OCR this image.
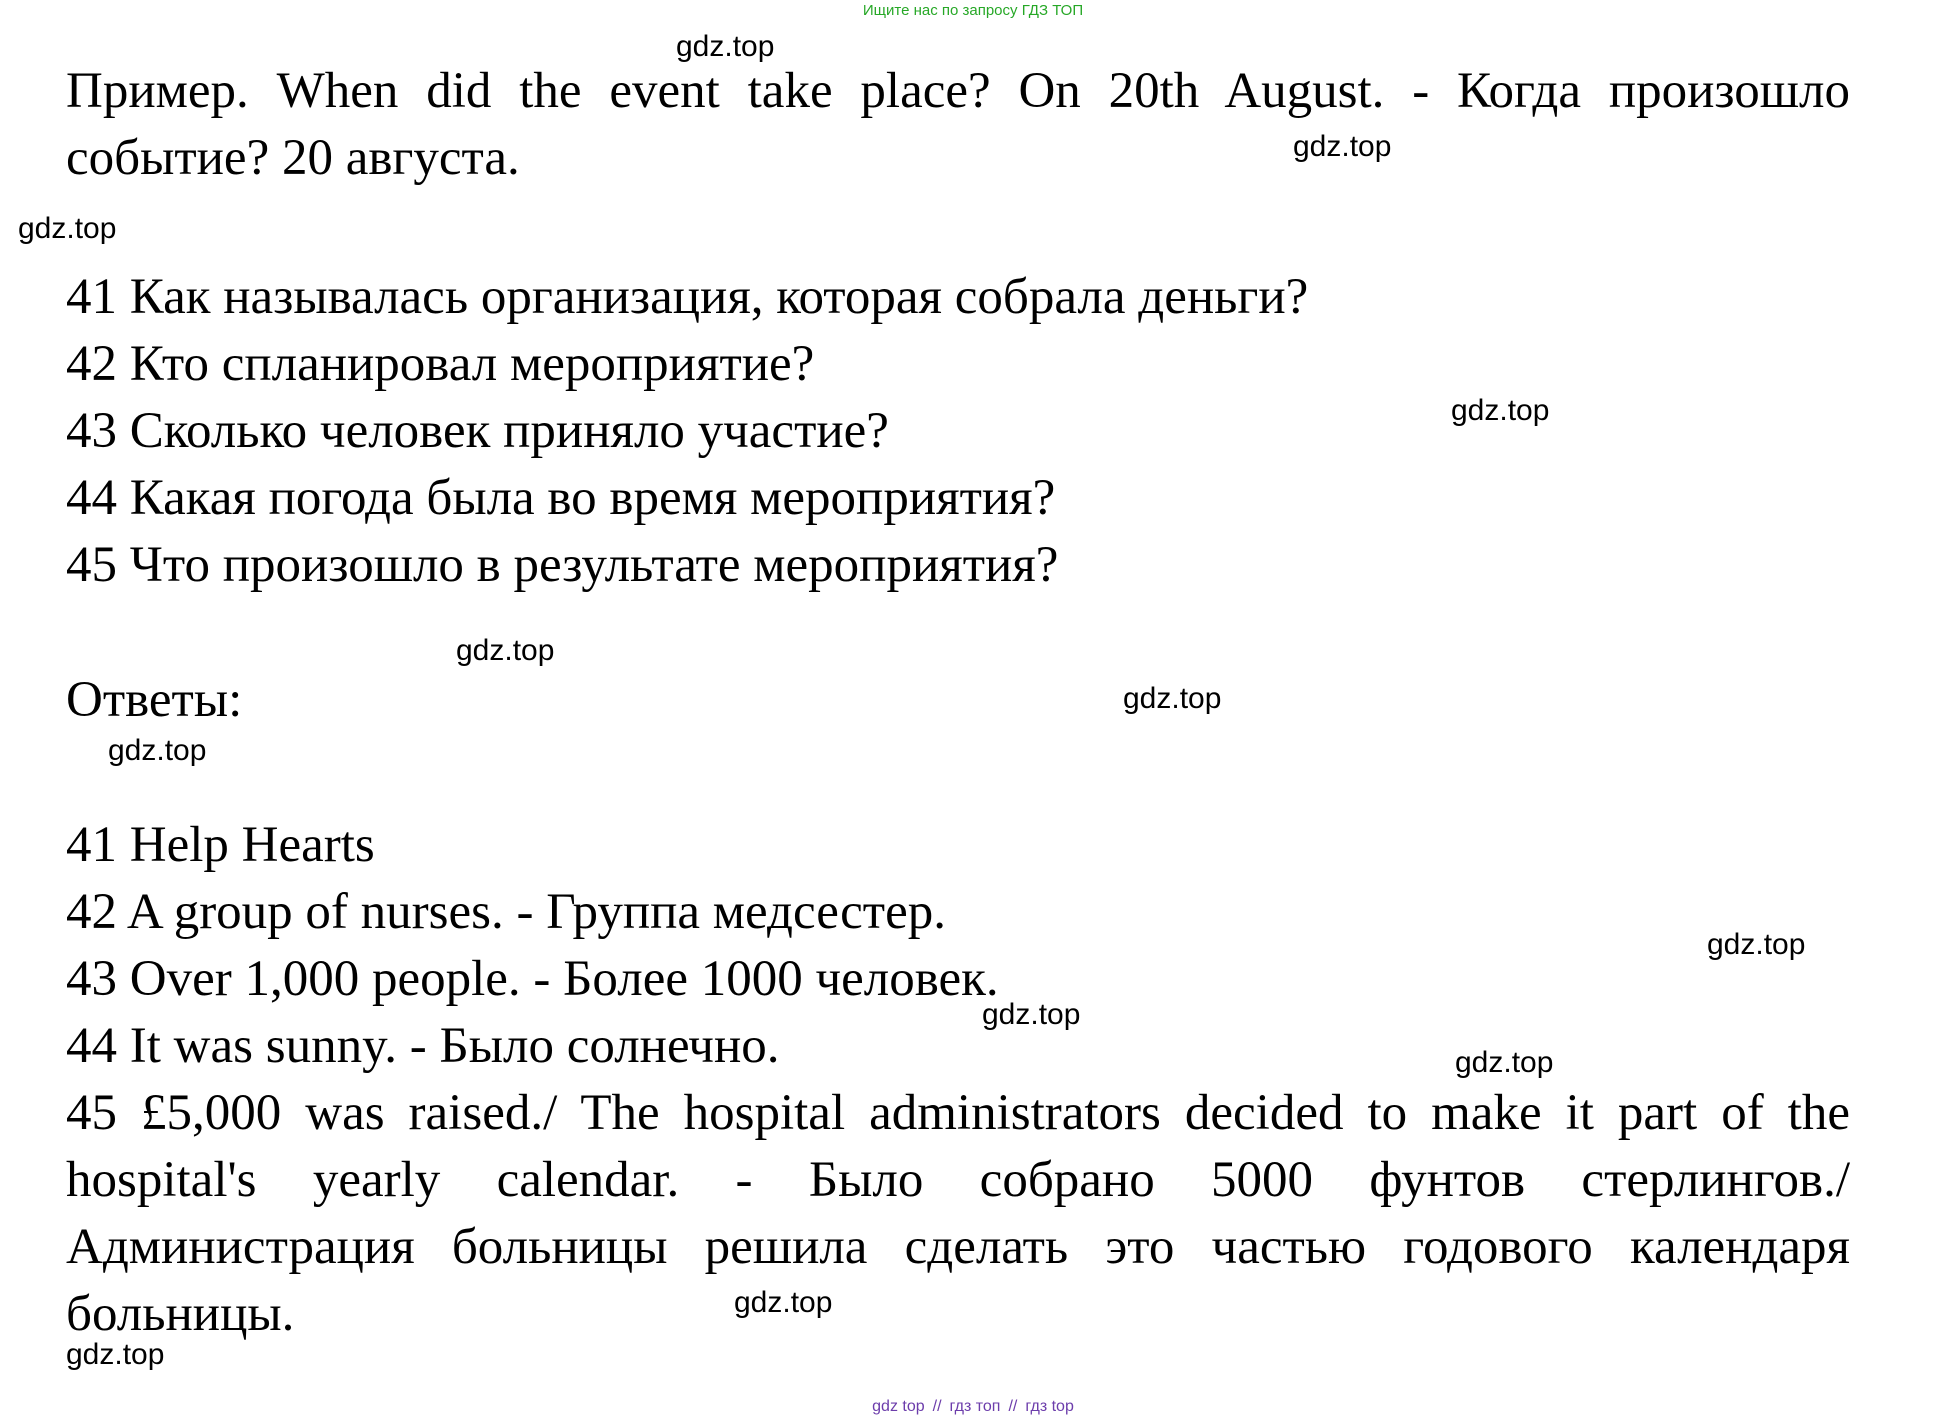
Ищите нас по запросу ГДЗ ТОП

Пример. When did the event take place? On 20th August. - Когда произошло событие? 20 августа.

41 Как называлась организация, которая собрала деньги?
42 Кто спланировал мероприятие?
43 Сколько человек приняло участие?
44 Какая погода была во время мероприятия?
45 Что произошло в результате мероприятия?
Ответы:
41 Help Hearts
42 A group of nurses. - Группа медсестер.
43 Over 1,000 people. - Более 1000 человек.
44 It was sunny. - Было солнечно.
45 £5,000 was raised./ The hospital administrators decided to make it part of the hospital's yearly calendar. - Было собрано 5000 фунтов стерлингов./ Администрация больницы решила сделать это частью годового календаря больницы.
gdz.top
gdz.top
gdz.top
gdz.top
gdz.top
gdz.top
gdz.top
gdz.top
gdz.top
gdz.top
gdz.top
gdz.top
gdz top // гдз топ // гдз top
